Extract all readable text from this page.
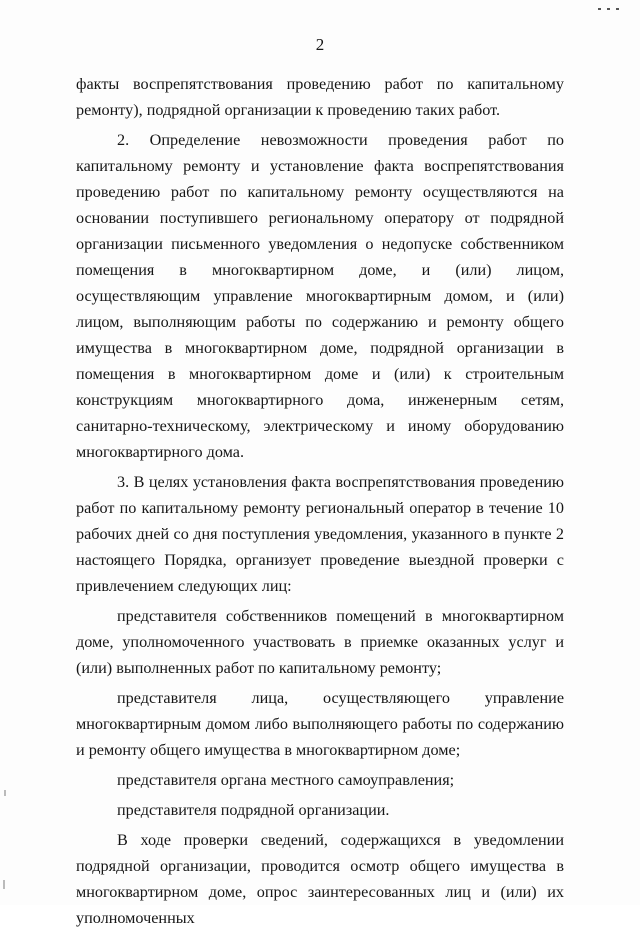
2

факты воспрепятствования проведению работ по капитальному ремонту), подрядной организации к проведению таких работ.

2. Определение невозможности проведения работ по капитальному ремонту и установление факта воспрепятствования проведению работ по капитальному ремонту осуществляются на основании поступившего региональному оператору от подрядной организации письменного уведомления о недопуске собственником помещения в многоквартирном доме, и (или) лицом, осуществляющим управление многоквартирным домом, и (или) лицом, выполняющим работы по содержанию и ремонту общего имущества в многоквартирном доме, подрядной организации в помещения в многоквартирном доме и (или) к строительным конструкциям многоквартирного дома, инженерным сетям, санитарно-техническому, электрическому и иному оборудованию многоквартирного дома.

3. В целях установления факта воспрепятствования проведению работ по капитальному ремонту региональный оператор в течение 10 рабочих дней со дня поступления уведомления, указанного в пункте 2 настоящего Порядка, организует проведение выездной проверки с привлечением следующих лиц:

представителя собственников помещений в многоквартирном доме, уполномоченного участвовать в приемке оказанных услуг и (или) выполненных работ по капитальному ремонту;

представителя лица, осуществляющего управление многоквартирным домом либо выполняющего работы по содержанию и ремонту общего имущества в многоквартирном доме;

представителя органа местного самоуправления;

представителя подрядной организации.

В ходе проверки сведений, содержащихся в уведомлении подрядной организации, проводится осмотр общего имущества в многоквартирном доме, опрос заинтересованных лиц и (или) их уполномоченных
